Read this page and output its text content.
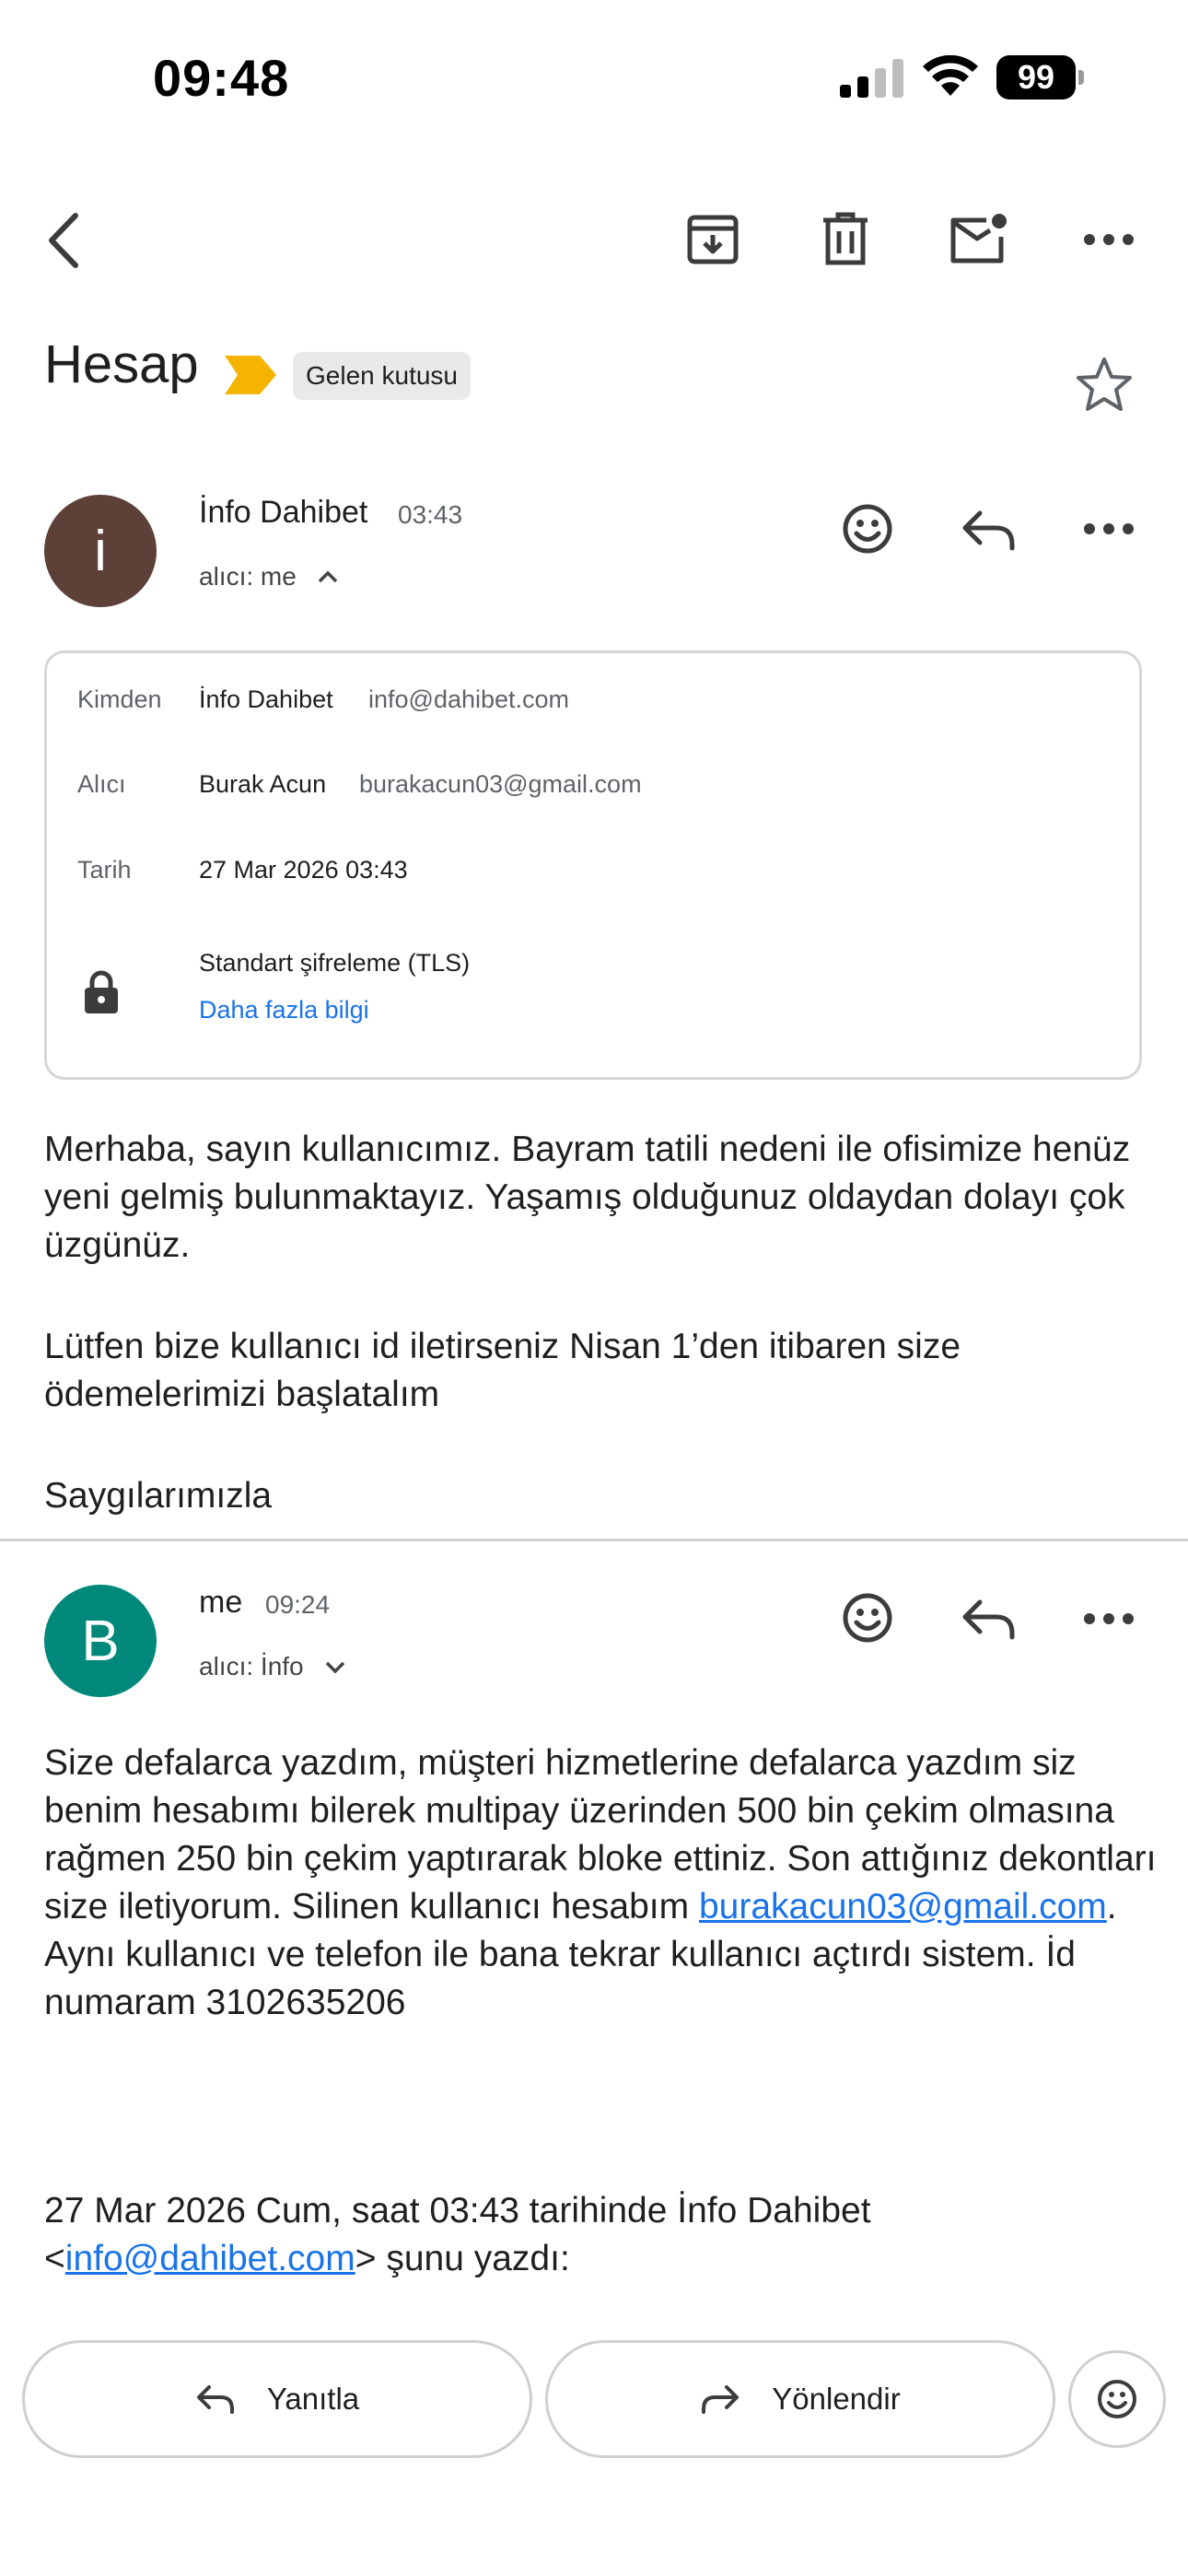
09:48	99
Hesap	Gelen kutusu
i
İnfo Dahibet 03:43
alıcı: me
Kimden İnfo Dahibet info@dahibet.com
Alıcı	Burak Acun burakacun03@gmail.com
Tarih	27 Mar 2026 03:43
Standart şifreleme (TLS)
Daha fazla bilgi
Merhaba, sayın kullanıcımız. Bayram tatili nedeni ile ofisimize henüz yeni gelmiş bulunmaktayız. Yaşamış olduğunuz oldaydan dolayı çok üzgünüz.
Lütfen bize kullanıcı id iletirseniz Nisan 1’den itibaren size ödemelerimizi başlatalım
Saygılarımızla
B
me 09:24
alıcı: İnfo
Size defalarca yazdım, müşteri hizmetlerine defalarca yazdım siz benim hesabımı bilerek multipay üzerinden 500 bin çekim olmasına rağmen 250 bin çekim yaptırarak bloke ettiniz. Son attığınız dekontları size iletiyorum. Silinen kullanıcı hesabım burakacun03@gmail.com. Aynı kullanıcı ve telefon ile bana tekrar kullanıcı açtırdı sistem. İd numaram 3102635206
27 Mar 2026 Cum, saat 03:43 tarihinde İnfo Dahibet
<info@dahibet.com> şunu yazdı:
Yanıtla	Yönlendir
